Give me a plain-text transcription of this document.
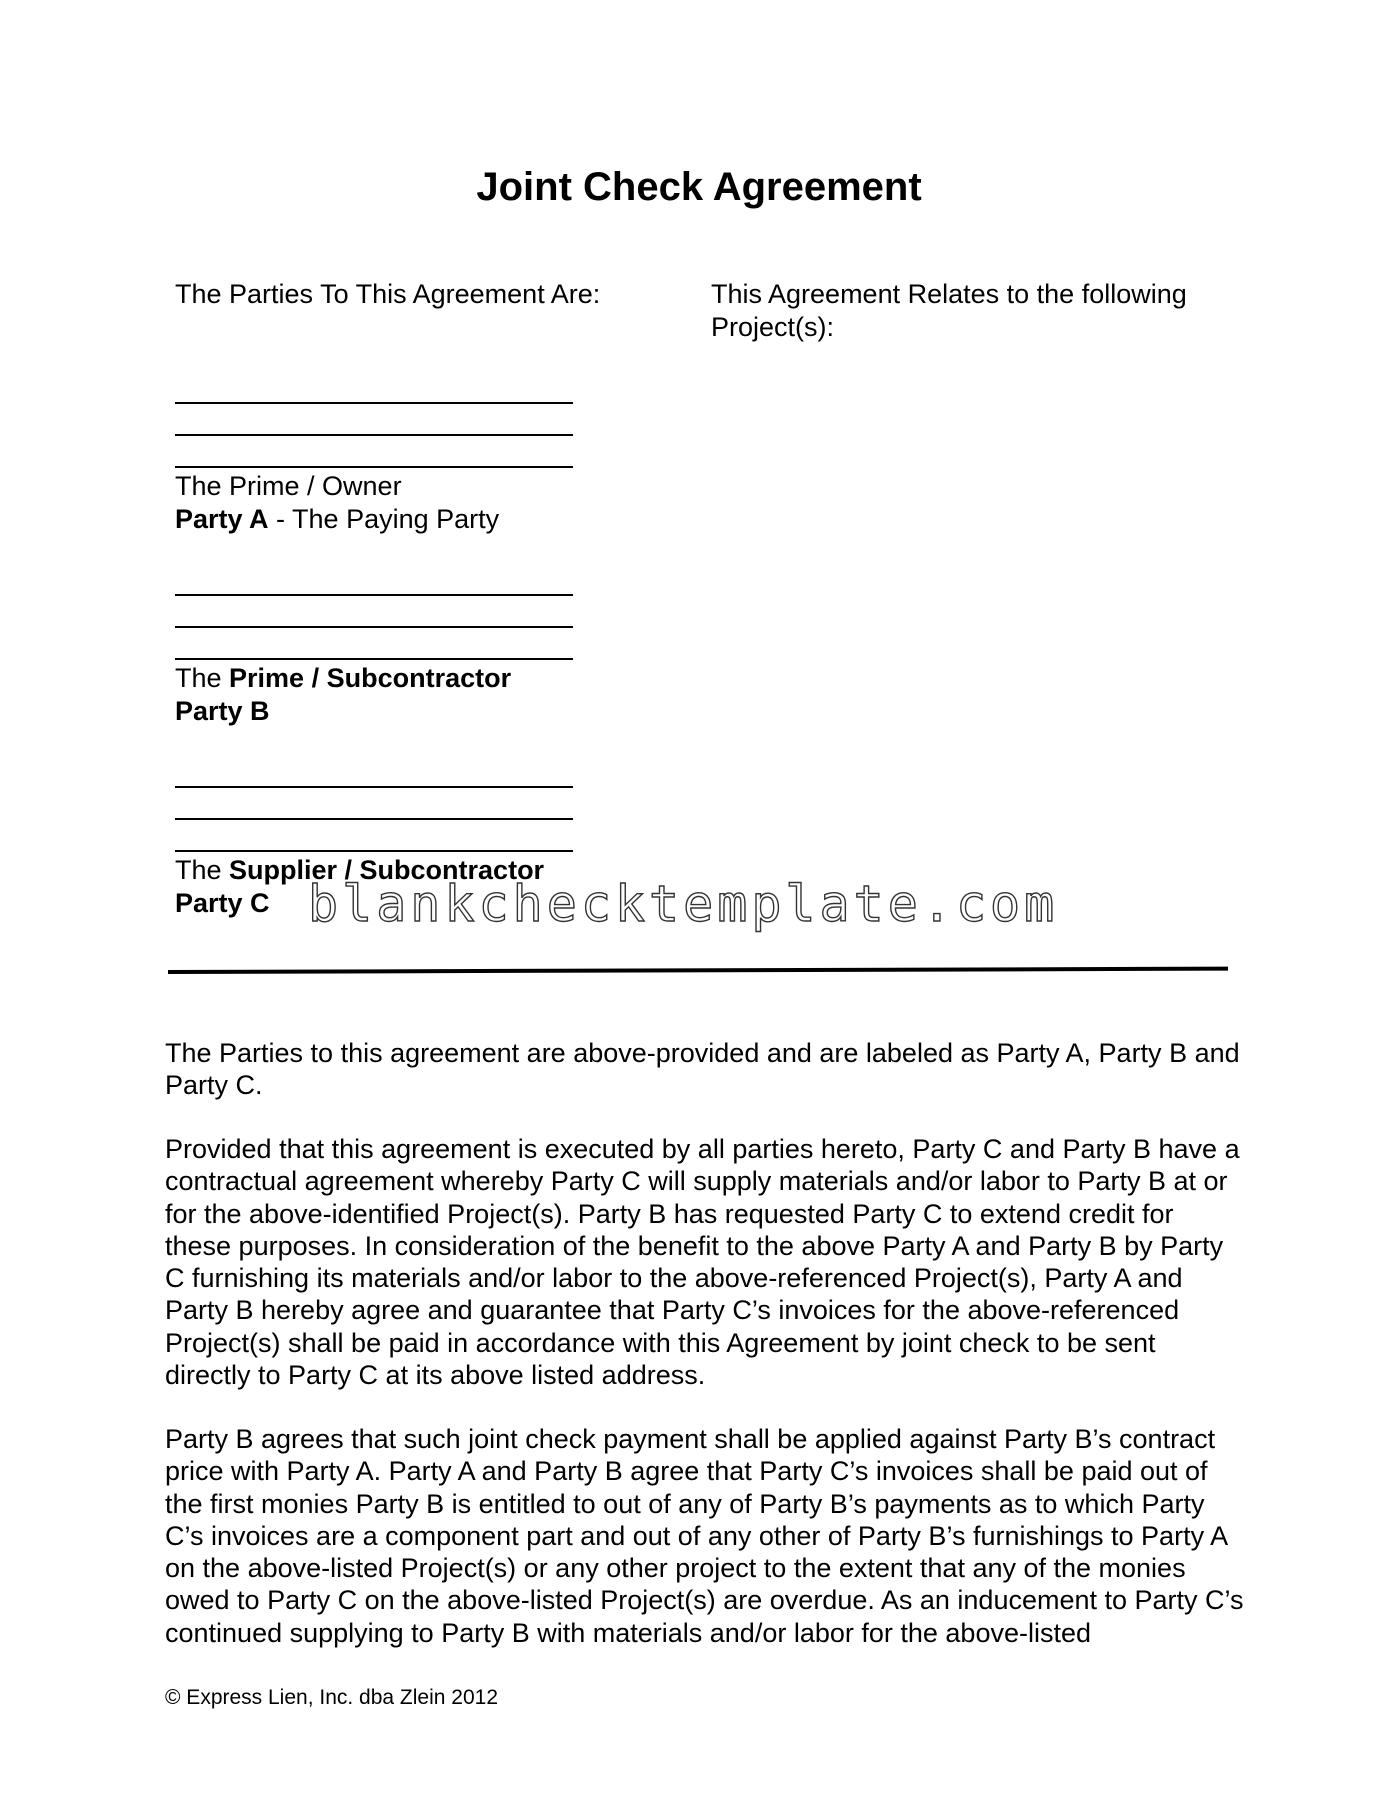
Joint Check Agreement
The Parties To This Agreement Are:	This Agreement Relates to the following
Project(s):
The Prime / Owner
Party A - The Paying Party
The Prime / Subcontractor
Party B
The Supplier / Subcontractor
Party C blankchecktemplate.com
The Parties to this agreement are above-provided and are labeled as Party A, Party B and Party C.
Provided that this agreement is executed by all parties hereto, Party C and Party B have a contractual agreement whereby Party C will supply materials and/or labor to Party B at or for the above-identified Project(s). Party B has requested Party C to extend credit for these purposes. In consideration of the benefit to the above Party A and Party B by Party C furnishing its materials and/or labor to the above-referenced Project(s), Party A and Party B hereby agree and guarantee that Party C’s invoices for the above-referenced Project(s) shall be paid in accordance with this Agreement by joint check to be sent directly to Party C at its above listed address.
Party B agrees that such joint check payment shall be applied against Party B’s contract price with Party A. Party A and Party B agree that Party C’s invoices shall be paid out of the first monies Party B is entitled to out of any of Party B’s payments as to which Party C’s invoices are a component part and out of any other of Party B’s furnishings to Party A on the above-listed Project(s) or any other project to the extent that any of the monies owed to Party C on the above-listed Project(s) are overdue. As an inducement to Party C’s continued supplying to Party B with materials and/or labor for the above-listed
© Express Lien, Inc. dba Zlein 2012
